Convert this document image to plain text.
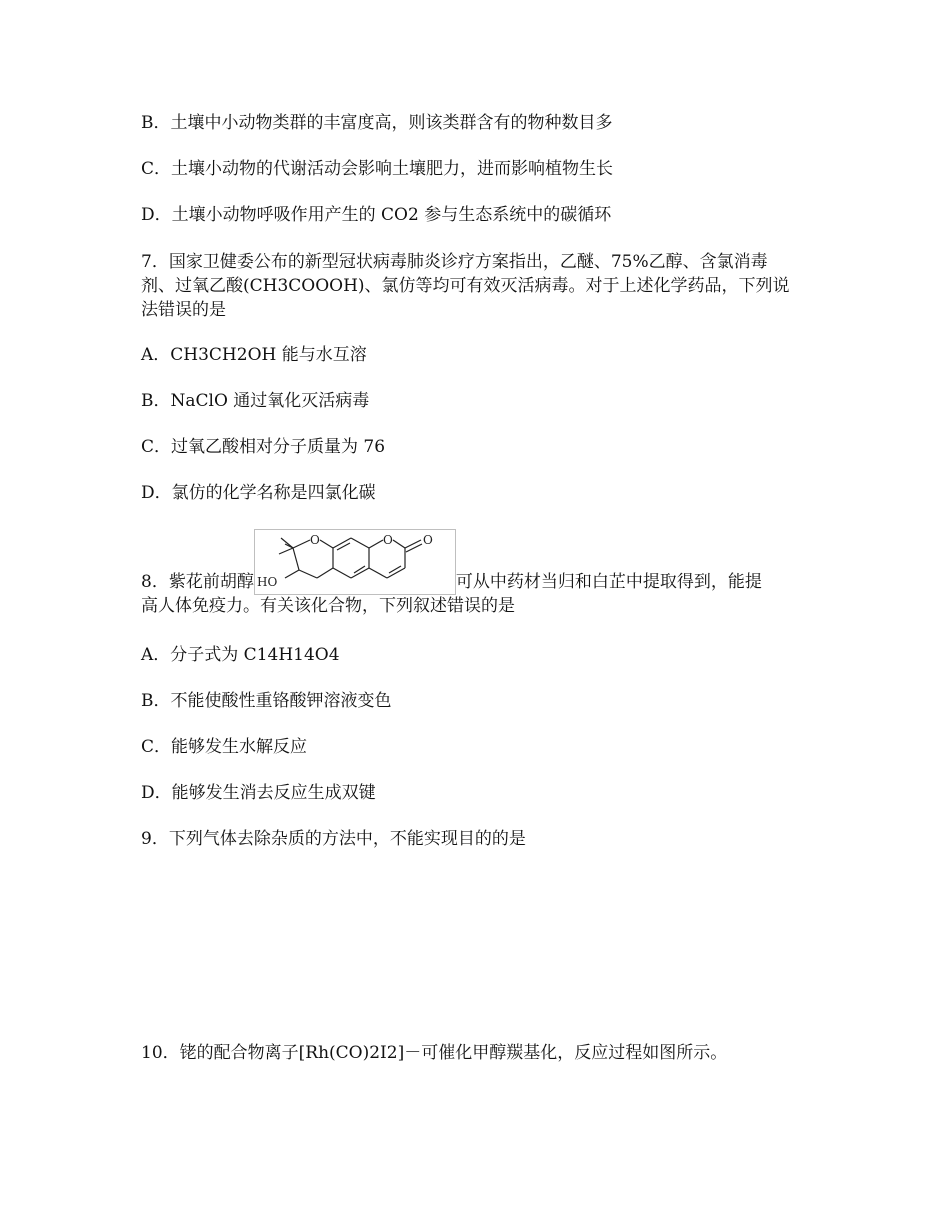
B．土壤中小动物类群的丰富度高，则该类群含有的物种数目多
C．土壤小动物的代谢活动会影响土壤肥力，进而影响植物生长
D．土壤小动物呼吸作用产生的 CO2 参与生态系统中的碳循环
7．国家卫健委公布的新型冠状病毒肺炎诊疗方案指出，乙醚、75%乙醇、含氯消毒剂、过氧乙酸(CH3COOOH)、氯仿等均可有效灭活病毒。对于上述化学药品，下列说法错误的是
A．CH3CH2OH 能与水互溶
B．NaClO 通过氧化灭活病毒
C．过氧乙酸相对分子质量为 76
D．氯仿的化学名称是四氯化碳
8．紫花前胡醇 HO
O	O	O
可从中药材当归和白芷中提取得到，能提
高人体免疫力。有关该化合物，下列叙述错误的是
A．分子式为 C14H14O4
B．不能使酸性重铬酸钾溶液变色
C．能够发生水解反应
D．能够发生消去反应生成双键
9．下列气体去除杂质的方法中，不能实现目的的是
10．铑的配合物离子[Rh(CO)2I2]－可催化甲醇羰基化，反应过程如图所示。
